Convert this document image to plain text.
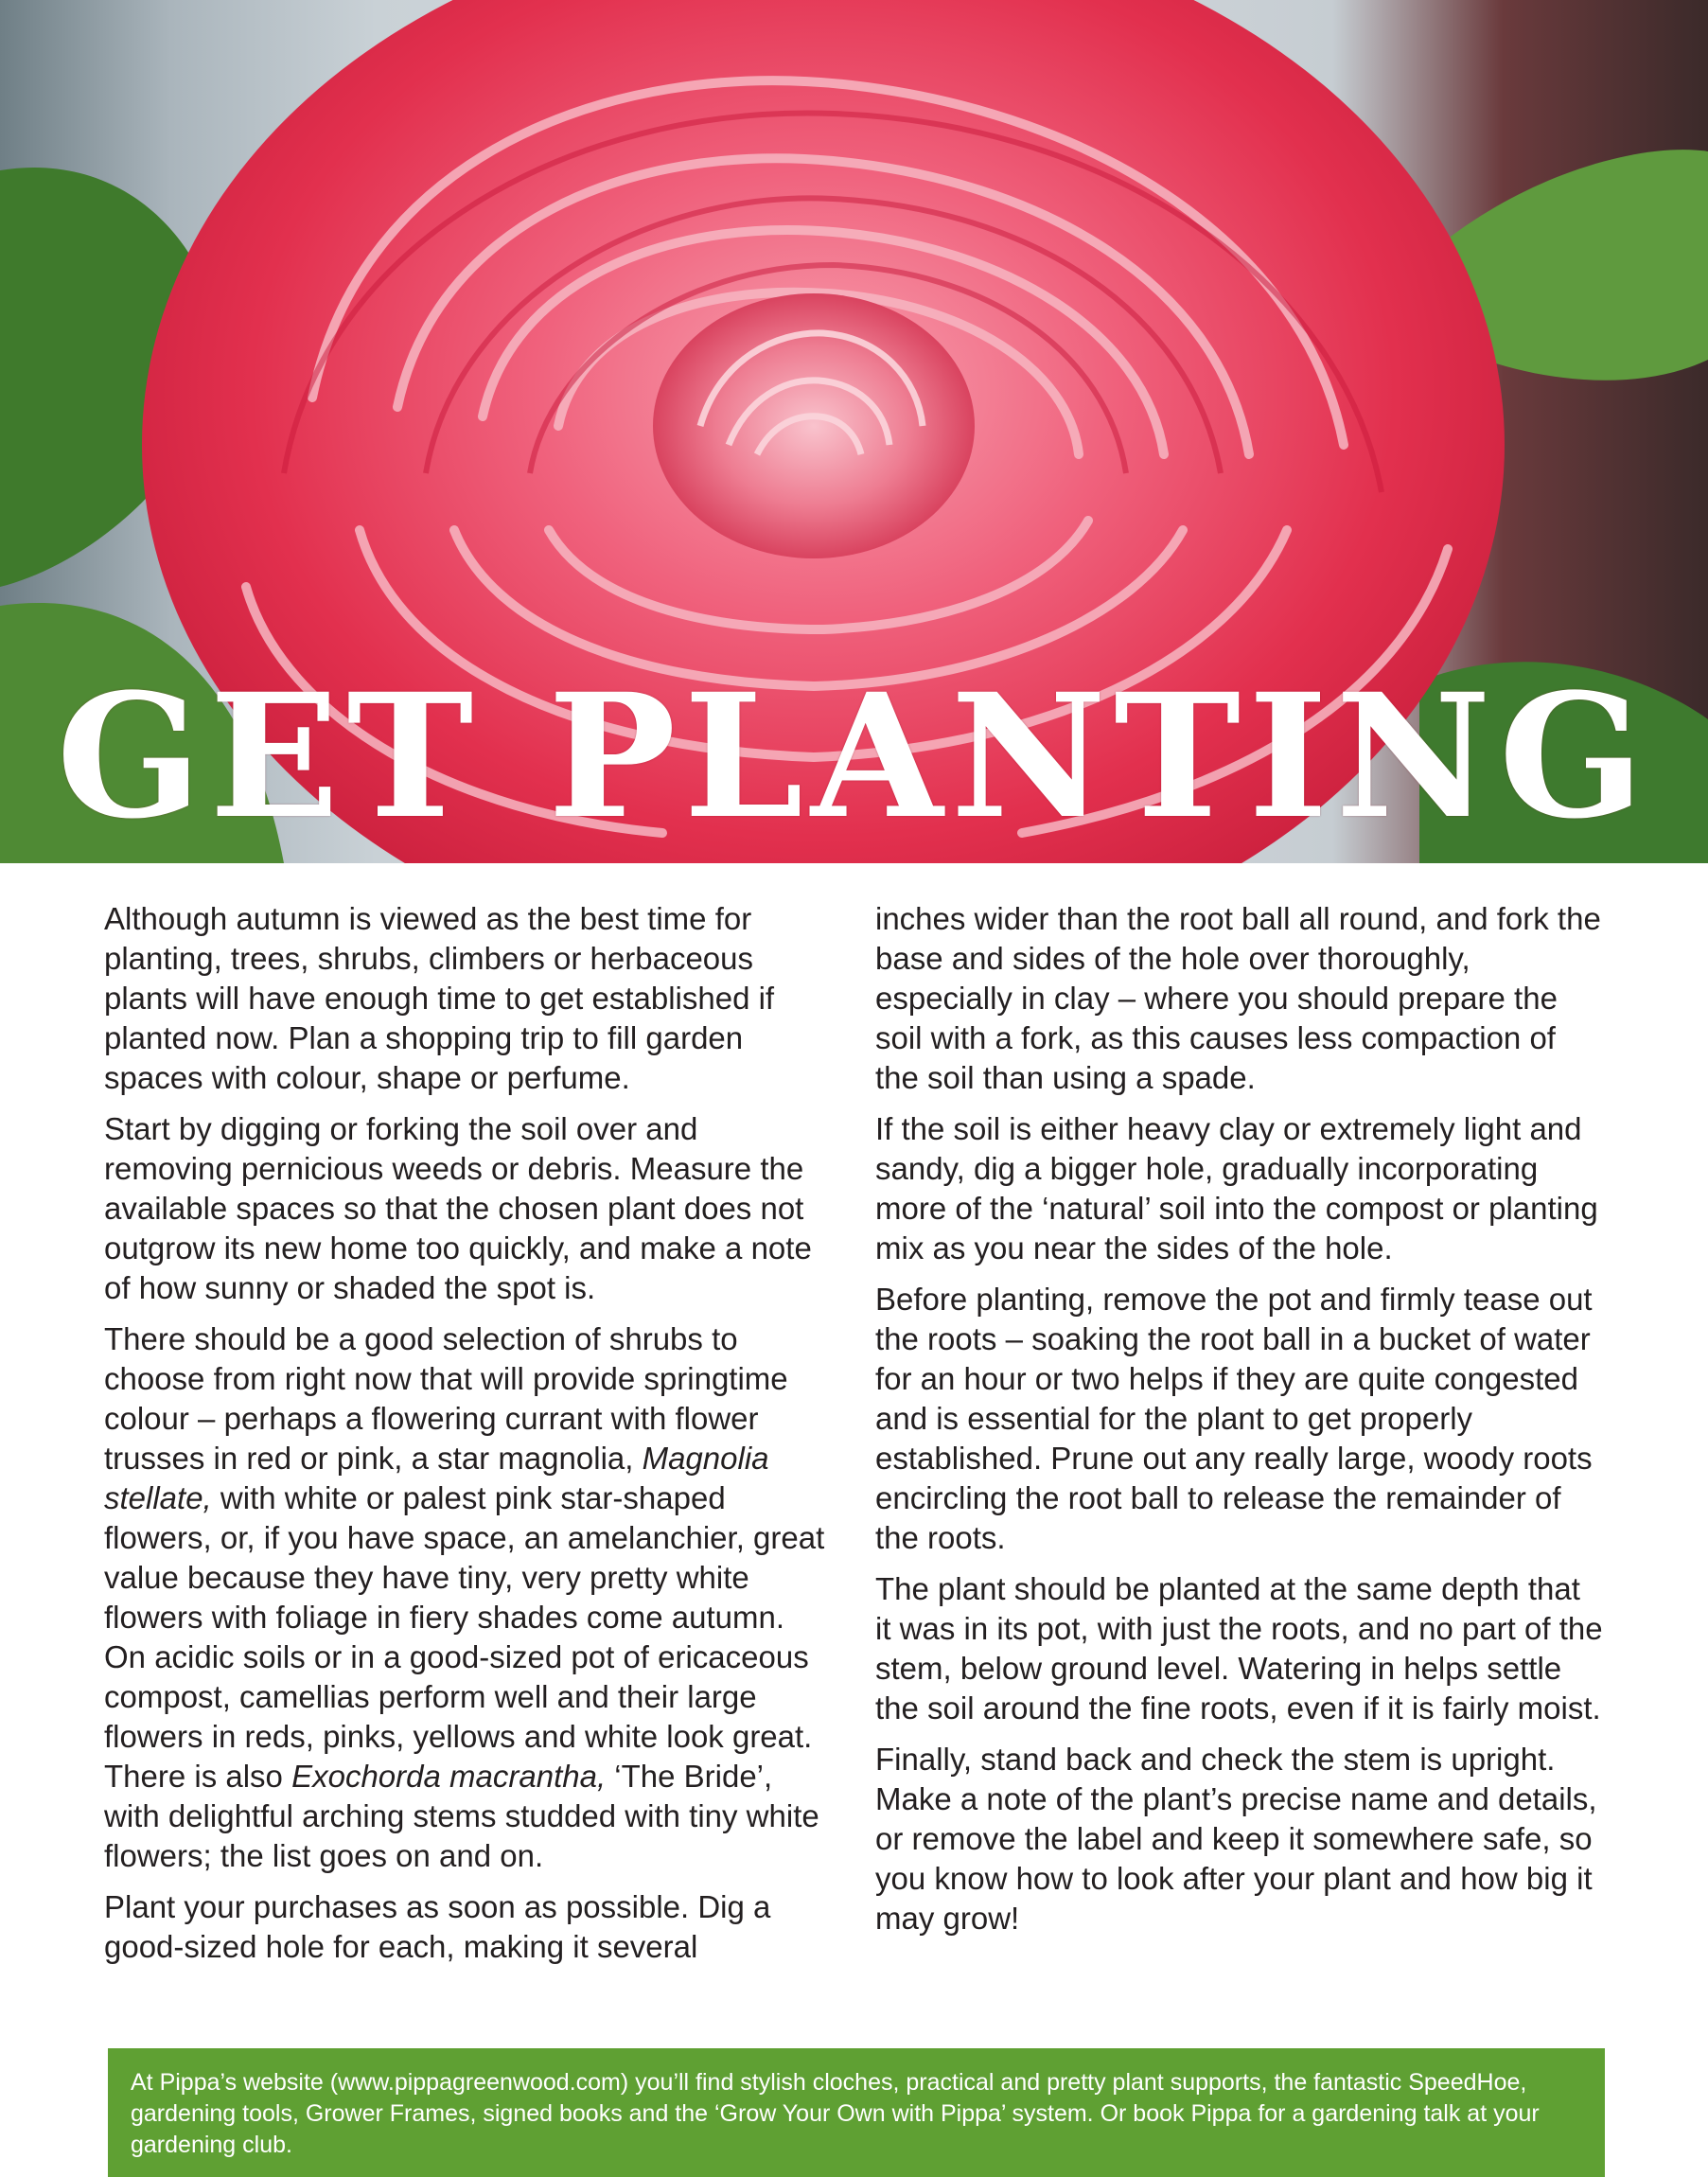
GET PLANTING

Although autumn is viewed as the best time for planting, trees, shrubs, climbers or herbaceous plants will have enough time to get established if planted now. Plan a shopping trip to fill garden spaces with colour, shape or perfume.

Start by digging or forking the soil over and removing pernicious weeds or debris. Measure the available spaces so that the chosen plant does not outgrow its new home too quickly, and make a note of how sunny or shaded the spot is.

There should be a good selection of shrubs to choose from right now that will provide springtime colour – perhaps a flowering currant with flower trusses in red or pink, a star magnolia, Magnolia stellate, with white or palest pink star-shaped flowers, or, if you have space, an amelanchier, great value because they have tiny, very pretty white flowers with foliage in fiery shades come autumn. On acidic soils or in a good-sized pot of ericaceous compost, camellias perform well and their large flowers in reds, pinks, yellows and white look great. There is also Exochorda macrantha, ‘The Bride’, with delightful arching stems studded with tiny white flowers; the list goes on and on.

Plant your purchases as soon as possible. Dig a good-sized hole for each, making it several

inches wider than the root ball all round, and fork the base and sides of the hole over thoroughly, especially in clay – where you should prepare the soil with a fork, as this causes less compaction of the soil than using a spade.

If the soil is either heavy clay or extremely light and sandy, dig a bigger hole, gradually incorporating more of the ‘natural’ soil into the compost or planting mix as you near the sides of the hole.

Before planting, remove the pot and firmly tease out the roots – soaking the root ball in a bucket of water for an hour or two helps if they are quite congested and is essential for the plant to get properly established. Prune out any really large, woody roots encircling the root ball to release the remainder of the roots.

The plant should be planted at the same depth that it was in its pot, with just the roots, and no part of the stem, below ground level. Watering in helps settle the soil around the fine roots, even if it is fairly moist.

Finally, stand back and check the stem is upright. Make a note of the plant’s precise name and details, or remove the label and keep it somewhere safe, so you know how to look after your plant and how big it may grow!

At Pippa’s website (www.pippagreenwood.com) you’ll find stylish cloches, practical and pretty plant supports, the fantastic SpeedHoe, gardening tools, Grower Frames, signed books and the ‘Grow Your Own with Pippa’ system. Or book Pippa for a gardening talk at your gardening club.
